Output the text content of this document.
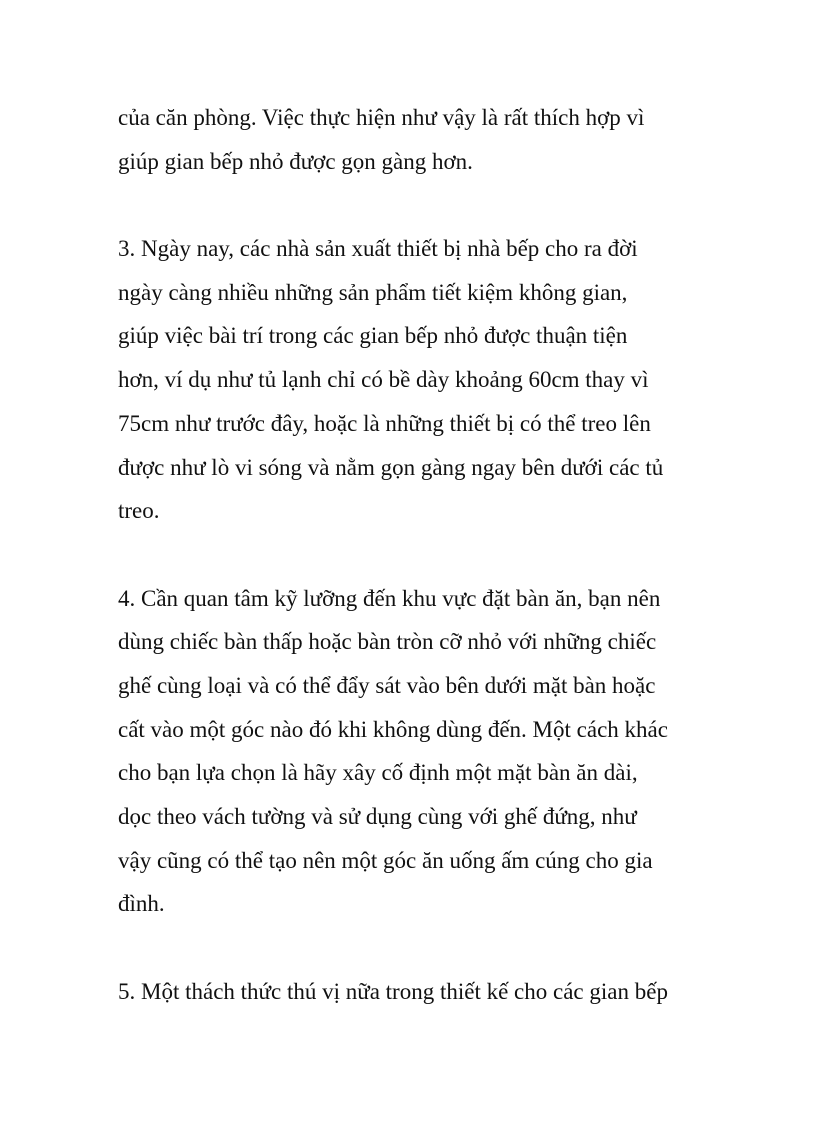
của căn phòng. Việc thực hiện như vậy là rất thích hợp vì
giúp gian bếp nhỏ được gọn gàng hơn.
3. Ngày nay, các nhà sản xuất thiết bị nhà bếp cho ra đời
ngày càng nhiều những sản phẩm tiết kiệm không gian,
giúp việc bài trí trong các gian bếp nhỏ được thuận tiện
hơn, ví dụ như tủ lạnh chỉ có bề dày khoảng 60cm thay vì
75cm như trước đây, hoặc là những thiết bị có thể treo lên
được như lò vi sóng và nằm gọn gàng ngay bên dưới các tủ
treo.
4. Cần quan tâm kỹ lưỡng đến khu vực đặt bàn ăn, bạn nên
dùng chiếc bàn thấp hoặc bàn tròn cỡ nhỏ với những chiếc
ghế cùng loại và có thể đẩy sát vào bên dưới mặt bàn hoặc
cất vào một góc nào đó khi không dùng đến. Một cách khác
cho bạn lựa chọn là hãy xây cố định một mặt bàn ăn dài,
dọc theo vách tường và sử dụng cùng với ghế đứng, như
vậy cũng có thể tạo nên một góc ăn uống ấm cúng cho gia
đình.
5. Một thách thức thú vị nữa trong thiết kế cho các gian bếp
